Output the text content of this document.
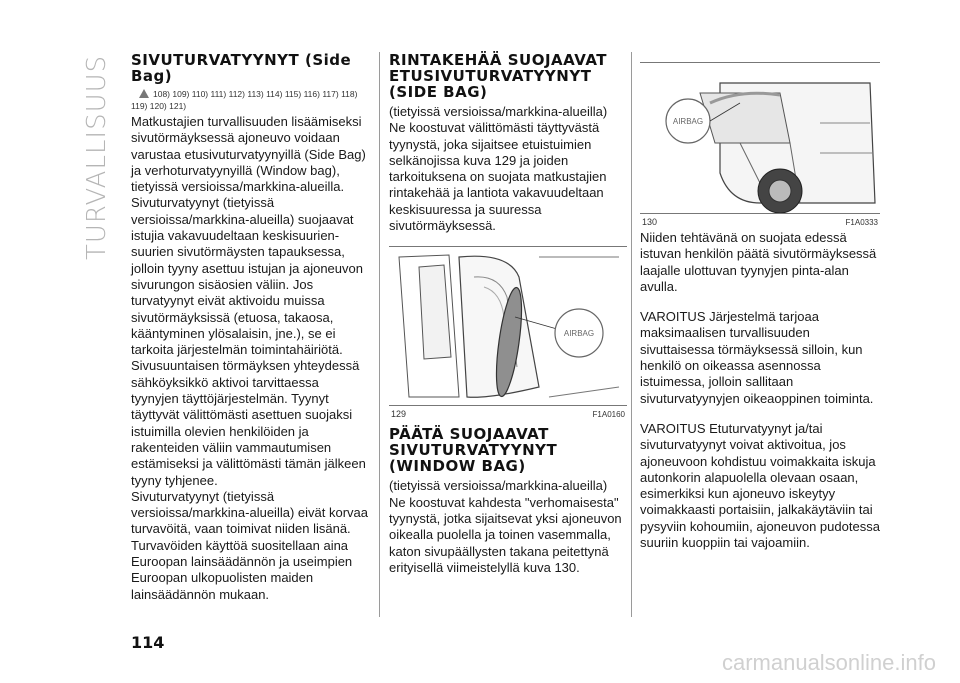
TURVALLISUUS SIVUTURVATYYNYT (Side Bag)
108) 109) 110) 111) 112) 113) 114) 115) 116) 117) 118)
119) 120) 121)

Matkustajien turvallisuuden lisäämiseksi sivutörmäyksessä ajoneuvo voidaan varustaa etusivuturvatyynyillä (Side Bag) ja verhoturvatyynyillä (Window bag), tietyissä versioissa/markkina-alueilla.

Sivuturvatyynyt (tietyissä versioissa/markkina-alueilla) suojaavat istujia vakavuudeltaan keskisuurien-suurien sivutörmäysten tapauksessa, jolloin tyyny asettuu istujan ja ajoneuvon sivurungon sisäosien väliin. Jos turvatyynyt eivät aktivoidu muissa sivutörmäyksissä (etuosa, takaosa, kääntyminen ylösalaisin, jne.), se ei tarkoita järjestelmän toimintahäiriötä.

Sivusuuntaisen törmäyksen yhteydessä sähköyksikkö aktivoi tarvittaessa tyynyjen täyttöjärjestelmän. Tyynyt täyttyvät välittömästi asettuen suojaksi istuimilla olevien henkilöiden ja rakenteiden väliin vammautumisen estämiseksi ja välittömästi tämän jälkeen tyyny tyhjenee.

Sivuturvatyynyt (tietyissä versioissa/markkina-alueilla) eivät korvaa turvavöitä, vaan toimivat niiden lisänä. Turvavöiden käyttöä suositellaan aina Euroopan lainsäädännön ja useimpien Euroopan ulkopuolisten maiden lainsäädännön mukaan.

RINTAKEHÄÄ SUOJAAVAT ETUSIVUTURVATYYNYT (SIDE BAG)

(tietyissä versioissa/markkina-alueilla)

Ne koostuvat välittömästi täyttyvästä tyynystä, joka sijaitsee etuistuimien selkänojissa kuva 129 ja joiden tarkoituksena on suojata matkustajien rintakehää ja lantiota vakavuudeltaan keskisuuressa ja suuressa sivutörmäyksessä.

AIRBAG
129	F1A0160
PÄÄTÄ SUOJAAVAT SIVUTURVATYYNYT (WINDOW BAG)

(tietyissä versioissa/markkina-alueilla)

Ne koostuvat kahdesta "verhomaisesta" tyynystä, jotka sijaitsevat yksi ajoneuvon oikealla puolella ja toinen vasemmalla, katon sivupäällysten takana peitettynä erityisellä viimeistelyllä kuva 130.

AIRBAG
130	F1A0333

Niiden tehtävänä on suojata edessä istuvan henkilön päätä sivutörmäyksessä laajalle ulottuvan tyynyjen pinta-alan avulla.

VAROITUS Järjestelmä tarjoaa maksimaalisen turvallisuuden sivuttaisessa törmäyksessä silloin, kun henkilö on oikeassa asennossa istuimessa, jolloin sallitaan sivuturvatyynyjen oikeaoppinen toiminta.

VAROITUS Etuturvatyynyt ja/tai sivuturvatyynyt voivat aktivoitua, jos ajoneuvoon kohdistuu voimakkaita iskuja autonkorin alapuolella olevaan osaan, esimerkiksi kun ajoneuvo iskeytyy voimakkaasti portaisiin, jalkakäytäviin tai pysyviin kohoumiin, ajoneuvon pudotessa suuriin kuoppiin tai vajoamiin.

114
carmanualsonline.info
